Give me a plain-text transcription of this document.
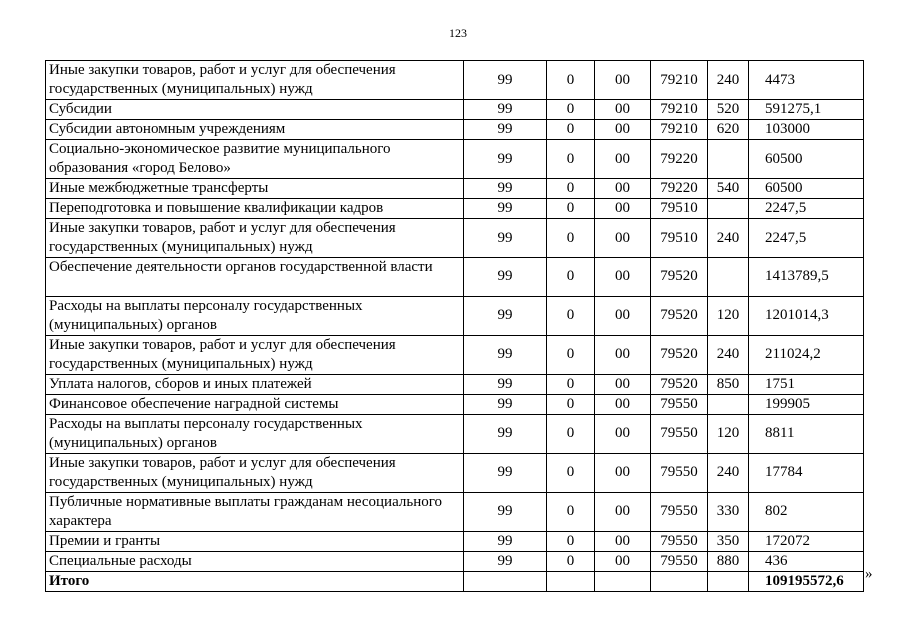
123
Иные закупки товаров, работ и услуг для обеспечения государственных (муниципальных) нужд	99	0	00	79210	240	4473
Субсидии	99	0	00	79210	520	591275,1
Субсидии автономным учреждениям	99	0	00	79210	620	103000
Социально-экономическое развитие муниципального образования «город Белово»	99	0	00	79220		60500
Иные межбюджетные трансферты	99	0	00	79220	540	60500
Переподготовка и повышение квалификации кадров	99	0	00	79510		2247,5
Иные закупки товаров, работ и услуг для обеспечения государственных (муниципальных) нужд	99	0	00	79510	240	2247,5
Обеспечение деятельности органов государственной власти	99	0	00	79520		1413789,5
Расходы на выплаты персоналу государственных (муниципальных) органов	99	0	00	79520	120	1201014,3
Иные закупки товаров, работ и услуг для обеспечения государственных (муниципальных) нужд	99	0	00	79520	240	211024,2
Уплата налогов, сборов и иных платежей	99	0	00	79520	850	1751
Финансовое обеспечение наградной системы	99	0	00	79550		199905
Расходы на выплаты персоналу государственных (муниципальных) органов	99	0	00	79550	120	8811
Иные закупки товаров, работ и услуг для обеспечения государственных (муниципальных) нужд	99	0	00	79550	240	17784
Публичные нормативные выплаты гражданам несоциального характера	99	0	00	79550	330	802
Премии и гранты	99	0	00	79550	350	172072
Специальные расходы	99	0	00	79550	880	436
Итого						109195572,6 »
